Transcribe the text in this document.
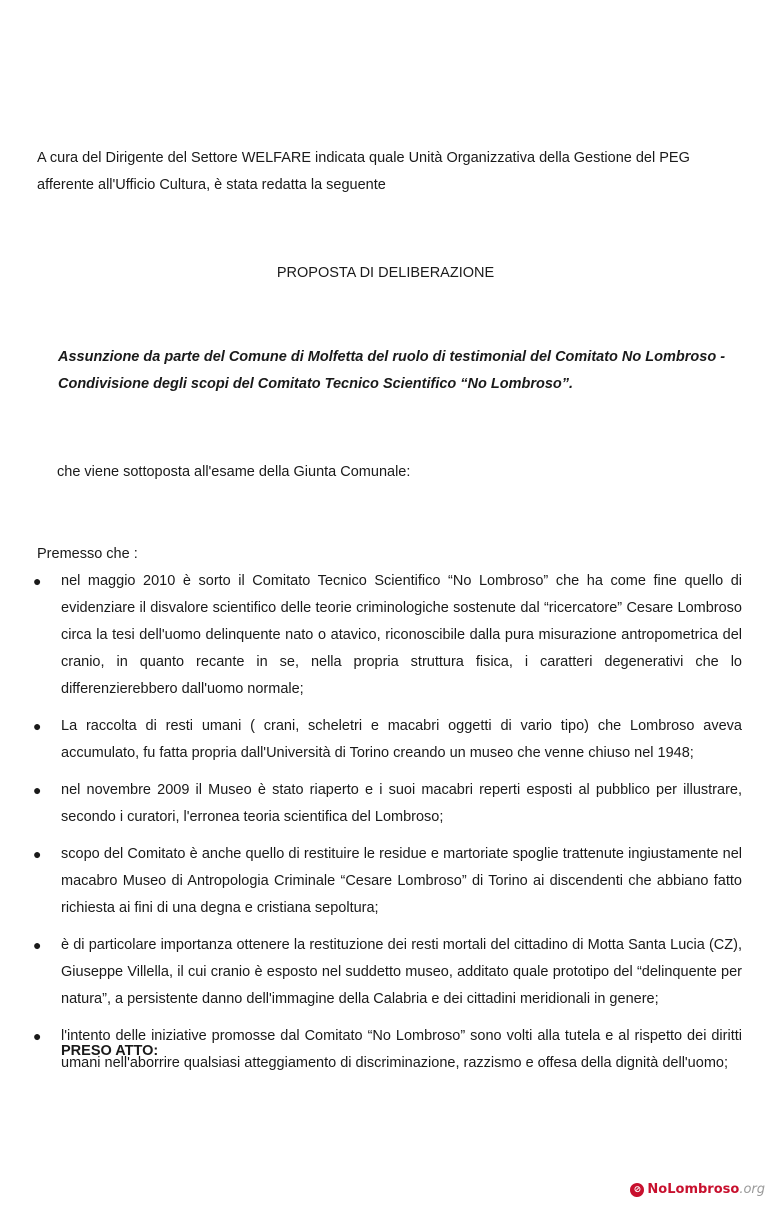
A cura del Dirigente del Settore WELFARE indicata quale Unità Organizzativa della Gestione del PEG afferente all'Ufficio Cultura, è stata redatta la seguente

PROPOSTA DI DELIBERAZIONE

Assunzione da parte del Comune di Molfetta del ruolo di testimonial del Comitato No Lombroso - Condivisione degli scopi del Comitato Tecnico Scientifico “No Lombroso”.

che viene sottoposta all'esame della Giunta Comunale:

Premesso che :
● nel maggio 2010 è sorto il Comitato Tecnico Scientifico “No Lombroso” che ha come fine quello di evidenziare il disvalore scientifico delle teorie criminologiche sostenute dal “ricercatore” Cesare Lombroso circa la tesi dell'uomo delinquente nato o atavico, riconoscibile dalla pura misurazione antropometrica del cranio, in quanto recante in se, nella propria struttura fisica, i caratteri degenerativi che lo differenzierebbero dall'uomo normale;
● La raccolta di resti umani ( crani, scheletri e macabri oggetti di vario tipo) che Lombroso aveva accumulato, fu fatta propria dall'Università di Torino creando un museo che venne chiuso nel 1948;
● nel novembre 2009 il Museo è stato riaperto e i suoi macabri reperti esposti al pubblico per illustrare, secondo i curatori, l'erronea teoria scientifica del Lombroso;
● scopo del Comitato è anche quello di restituire le residue e martoriate spoglie trattenute ingiustamente nel macabro Museo di Antropologia Criminale “Cesare Lombroso” di Torino ai discendenti che abbiano fatto richiesta ai fini di una degna e cristiana sepoltura;
● è di particolare importanza ottenere la restituzione dei resti mortali del cittadino di Motta Santa Lucia (CZ), Giuseppe Villella, il cui cranio è esposto nel suddetto museo, additato quale prototipo del “delinquente per natura”, a persistente danno dell'immagine della Calabria e dei cittadini meridionali in genere;
● l'intento delle iniziative promosse dal Comitato “No Lombroso” sono volti alla tutela e al rispetto dei diritti umani nell'aborrire qualsiasi atteggiamento di discriminazione, razzismo e offesa della dignità dell'uomo;
PRESO ATTO:
⊘ NoLombroso .org
